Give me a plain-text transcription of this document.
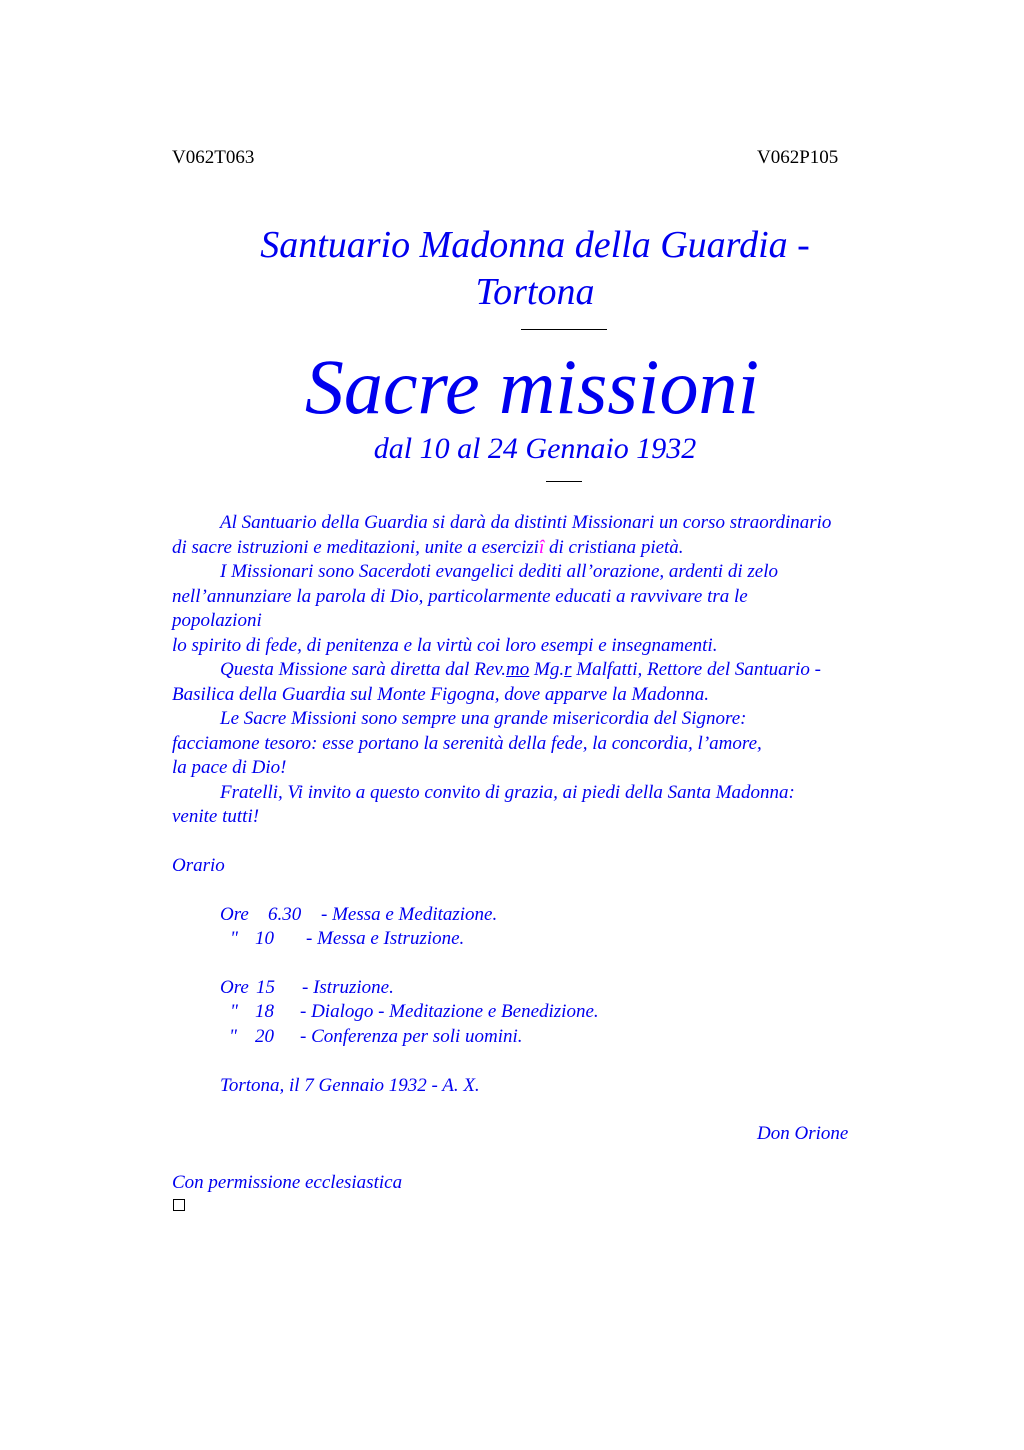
V062T063	V062P105
Santuario Madonna della Guardia -
Tortona
Sacre missioni
dal 10 al 24 Gennaio 1932
Al Santuario della Guardia si darà da distinti Missionari un corso straordinario
di sacre istruzioni e meditazioni, unite a eserciziî di cristiana pietà.
I Missionari sono Sacerdoti evangelici dediti all’orazione, ardenti di zelo
nell’annunziare la parola di Dio, particolarmente educati a ravvivare tra le
popolazioni
lo spirito di fede, di penitenza e la virtù coi loro esempi e insegnamenti.
Questa Missione sarà diretta dal Rev.mo Mg.r Malfatti, Rettore del Santuario -
Basilica della Guardia sul Monte Figogna, dove apparve la Madonna.
Le Sacre Missioni sono sempre una grande misericordia del Signore:
facciamone tesoro: esse portano la serenità della fede, la concordia, l’amore,
la pace di Dio!
Fratelli, Vi invito a questo convito di grazia, ai piedi della Santa Madonna:
venite tutti!
Orario
Ore 6.30 - Messa e Meditazione.
" 10 - Messa e Istruzione.
Ore 15 - Istruzione.
" 18 - Dialogo - Meditazione e Benedizione.
" 20 - Conferenza per soli uomini.
Tortona, il 7 Gennaio 1932 - A. X.
Don Orione
Con permissione ecclesiastica
